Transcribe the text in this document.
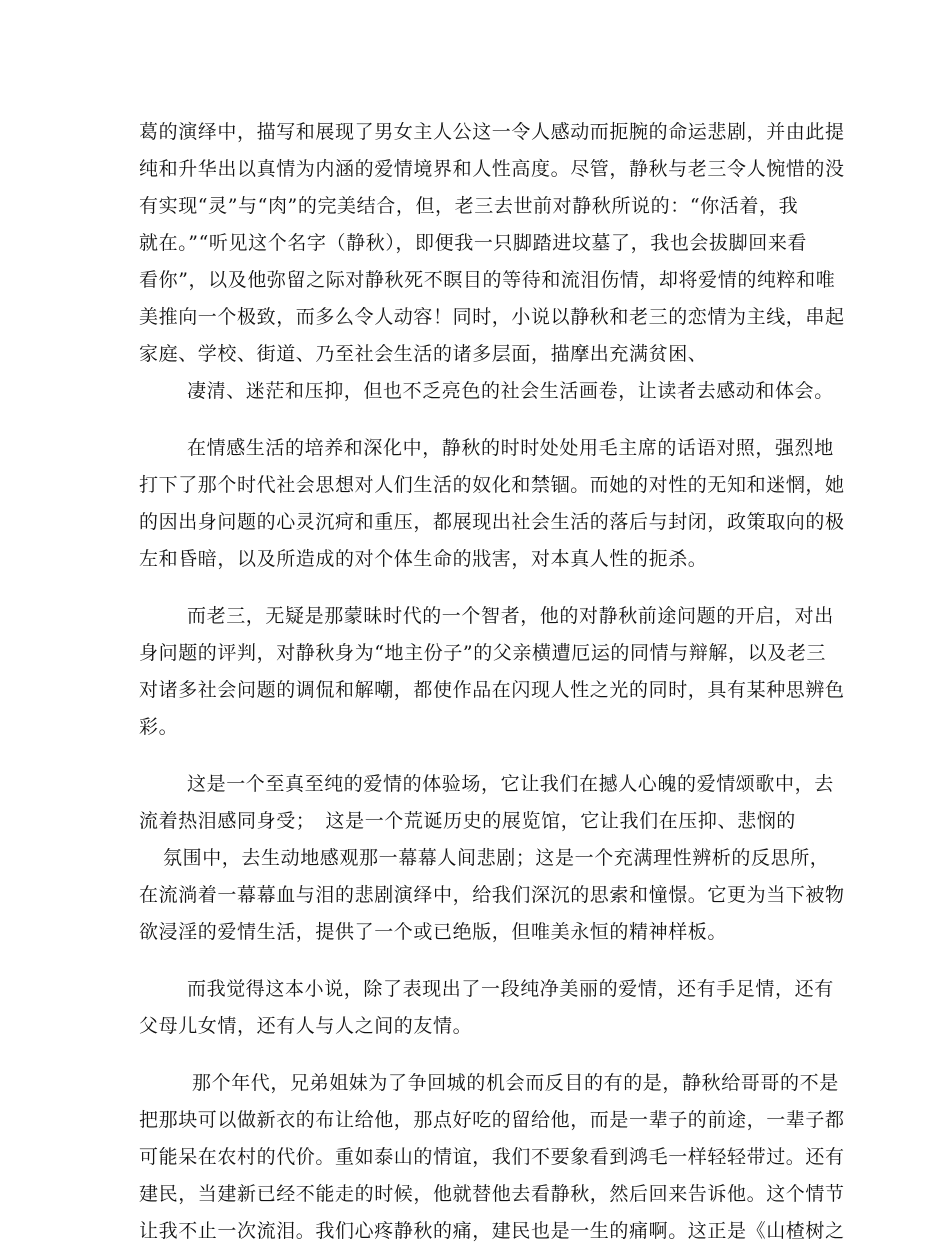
葛的演绎中，描写和展现了男女主人公这一令人感动而扼腕的命运悲剧，并由此提
纯和升华出以真情为内涵的爱情境界和人性高度。尽管，静秋与老三令人惋惜的没
有实现“灵”与“肉”的完美结合，但，老三去世前对静秋所说的：“你活着，我
就在。”“听见这个名字（静秋），即便我一只脚踏进坟墓了，我也会拔脚回来看
看你”，以及他弥留之际对静秋死不瞑目的等待和流泪伤情，却将爱情的纯粹和唯
美推向一个极致，而多么令人动容！同时，小说以静秋和老三的恋情为主线，串起
家庭、学校、街道、乃至社会生活的诸多层面，描摩出充满贫困、
凄清、迷茫和压抑，但也不乏亮色的社会生活画卷，让读者去感动和体会。
在情感生活的培养和深化中，静秋的时时处处用毛主席的话语对照，强烈地
打下了那个时代社会思想对人们生活的奴化和禁锢。而她的对性的无知和迷惘，她
的因出身问题的心灵沉疴和重压，都展现出社会生活的落后与封闭，政策取向的极
左和昏暗，以及所造成的对个体生命的戕害，对本真人性的扼杀。
而老三，无疑是那蒙昧时代的一个智者，他的对静秋前途问题的开启，对出
身问题的评判，对静秋身为“地主份子”的父亲横遭厄运的同情与辩解，以及老三
对诸多社会问题的调侃和解嘲，都使作品在闪现人性之光的同时，具有某种思辨色
彩。
这是一个至真至纯的爱情的体验场，它让我们在撼人心魄的爱情颂歌中，去
流着热泪感同身受；　这是一个荒诞历史的展览馆，它让我们在压抑、悲悯的
氛围中，去生动地感观那一幕幕人间悲剧；这是一个充满理性辨析的反思所，
在流淌着一幕幕血与泪的悲剧演绎中，给我们深沉的思索和憧憬。它更为当下被物
欲浸淫的爱情生活，提供了一个或已绝版，但唯美永恒的精神样板。
而我觉得这本小说，除了表现出了一段纯净美丽的爱情，还有手足情，还有
父母儿女情，还有人与人之间的友情。
那个年代，兄弟姐妹为了争回城的机会而反目的有的是，静秋给哥哥的不是
把那块可以做新衣的布让给他，那点好吃的留给他，而是一辈子的前途，一辈子都
可能呆在农村的代价。重如泰山的情谊，我们不要象看到鸿毛一样轻轻带过。还有
建民，当建新已经不能走的时候，他就替他去看静秋，然后回来告诉他。这个情节
让我不止一次流泪。我们心疼静秋的痛，建民也是一生的痛啊。这正是《山楂树之
